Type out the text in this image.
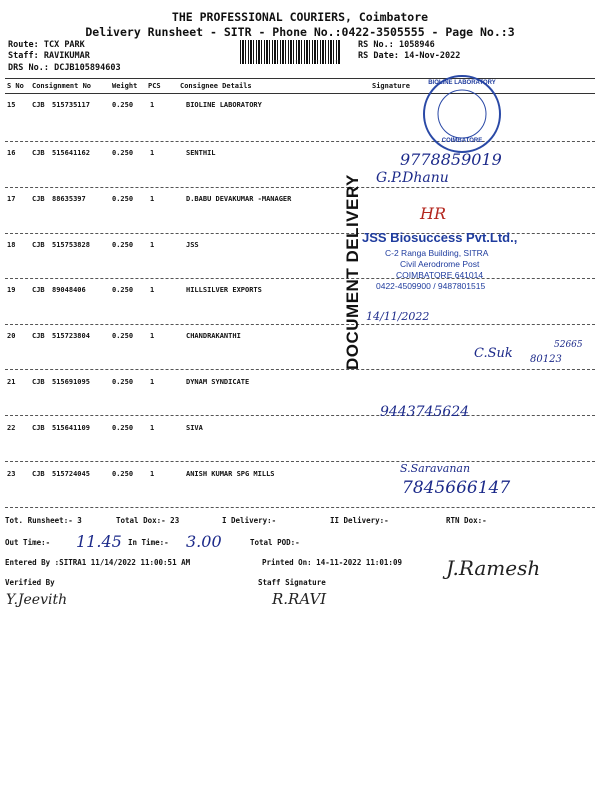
THE PROFESSIONAL COURIERS, Coimbatore
Delivery Runsheet - SITR - Phone No.:0422-3505555 - Page No.:3
Route: TCX PARK
Staff: RAVIKUMAR
DRS No.: DCJB105894603
RS No.: 1058946
RS Date: 14-Nov-2022
S No Consignment No	Weight PCS	Consignee Details	Signature
15 CJB 515735117	0.250 1	BIOLINE LABORATORY
16 CJB 515641162	0.250 1	SENTHIL
17 CJB 88635397	0.250 1	D.BABU DEVAKUMAR -MANAGER
18 CJB 515753828	0.250 1	JSS
19 CJB 89048406	0.250 1	HILLSILVER EXPORTS
20 CJB 515723804	0.250 1	CHANDRAKANTHI
21 CJB 515691095	0.250 1	DYNAM SYNDICATE
22 CJB 515641109	0.250 1	SIVA
23 CJB 515724045	0.250 1	ANISH KUMAR SPG MILLS
BIOLINE LABORATORY
COIMBATORE
DOCUMENT DELIVERY JSS Biosuccess Pvt.Ltd.,
C-2 Ranga Building, SITRA
Civil Aerodrome Post
COIMBATORE 641014
0422-4509900 / 9487801515
9778859019
G.P.Dhanu
HR
14/11/2022
C.Suk 80123
52665
9443745624
S.Saravanan
7845666147
Tot. Runsheet:- 3	Total Dox:- 23	I Delivery:-	II Delivery:-	RTN Dox:-
Out Time:- 11.45 In Time:- 3.00	Total POD:-
Entered By :SITRA1 11/14/2022 11:00:51 AM	Printed On: 14-11-2022 11:01:09
Verified By	Staff Signature
Y.Jeevith	R.RAVI
J.Ramesh
